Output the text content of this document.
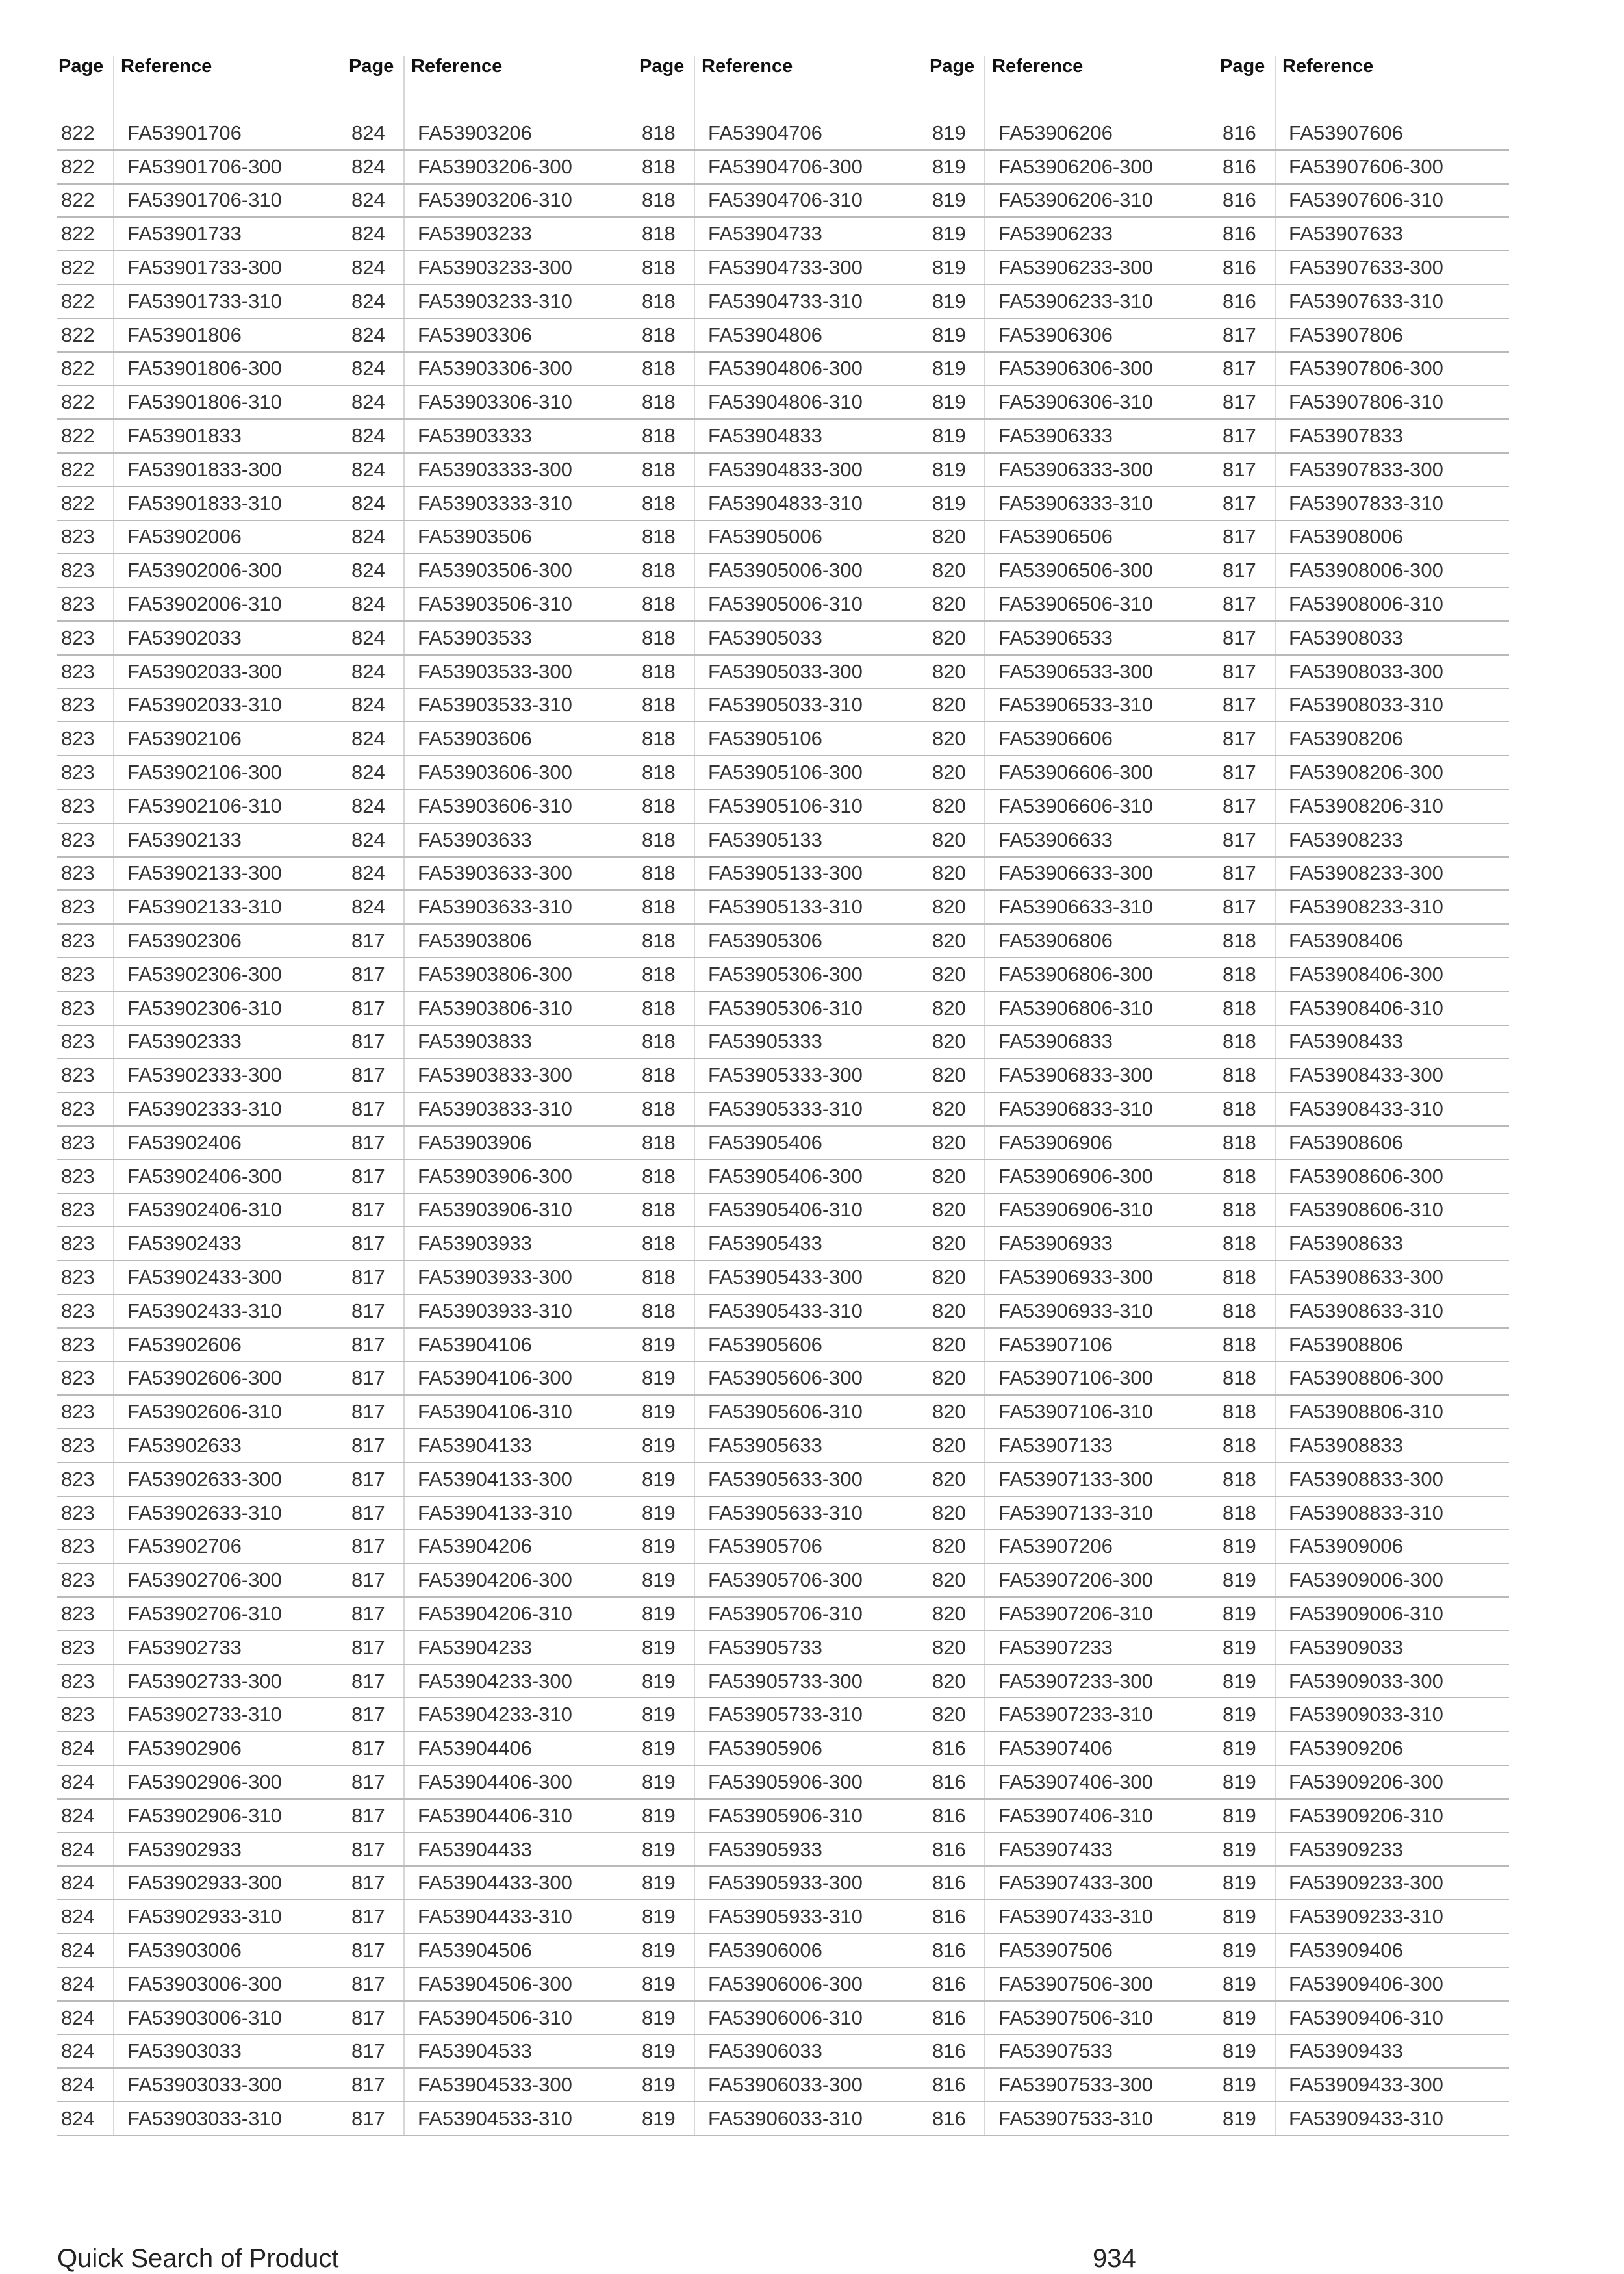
Page Reference
822	FA53901706
822	FA53901706-300
822	FA53901706-310
822	FA53901733
822	FA53901733-300
822	FA53901733-310
822	FA53901806
822	FA53901806-300
822	FA53901806-310
822	FA53901833
822	FA53901833-300
822	FA53901833-310
823	FA53902006
823	FA53902006-300
823	FA53902006-310
823	FA53902033
823	FA53902033-300
823	FA53902033-310
823	FA53902106
823	FA53902106-300
823	FA53902106-310
823	FA53902133
823	FA53902133-300
823	FA53902133-310
823	FA53902306
823	FA53902306-300
823	FA53902306-310
823	FA53902333
823	FA53902333-300
823	FA53902333-310
823	FA53902406
823	FA53902406-300
823	FA53902406-310
823	FA53902433
823	FA53902433-300
823	FA53902433-310
823	FA53902606
823	FA53902606-300
823	FA53902606-310
823	FA53902633
823	FA53902633-300
823	FA53902633-310
823	FA53902706
823	FA53902706-300
823	FA53902706-310
823	FA53902733
823	FA53902733-300
823	FA53902733-310
824	FA53902906
824	FA53902906-300
824	FA53902906-310
824	FA53902933
824	FA53902933-300
824	FA53902933-310
824	FA53903006
824	FA53903006-300
824	FA53903006-310
824	FA53903033
824	FA53903033-300
824	FA53903033-310
Page Reference
824	FA53903206
824	FA53903206-300
824	FA53903206-310
824	FA53903233
824	FA53903233-300
824	FA53903233-310
824	FA53903306
824	FA53903306-300
824	FA53903306-310
824	FA53903333
824	FA53903333-300
824	FA53903333-310
824	FA53903506
824	FA53903506-300
824	FA53903506-310
824	FA53903533
824	FA53903533-300
824	FA53903533-310
824	FA53903606
824	FA53903606-300
824	FA53903606-310
824	FA53903633
824	FA53903633-300
824	FA53903633-310
817	FA53903806
817	FA53903806-300
817	FA53903806-310
817	FA53903833
817	FA53903833-300
817	FA53903833-310
817	FA53903906
817	FA53903906-300
817	FA53903906-310
817	FA53903933
817	FA53903933-300
817	FA53903933-310
817	FA53904106
817	FA53904106-300
817	FA53904106-310
817	FA53904133
817	FA53904133-300
817	FA53904133-310
817	FA53904206
817	FA53904206-300
817	FA53904206-310
817	FA53904233
817	FA53904233-300
817	FA53904233-310
817	FA53904406
817	FA53904406-300
817	FA53904406-310
817	FA53904433
817	FA53904433-300
817	FA53904433-310
817	FA53904506
817	FA53904506-300
817	FA53904506-310
817	FA53904533
817	FA53904533-300
817	FA53904533-310
Page Reference
818	FA53904706
818	FA53904706-300
818	FA53904706-310
818	FA53904733
818	FA53904733-300
818	FA53904733-310
818	FA53904806
818	FA53904806-300
818	FA53904806-310
818	FA53904833
818	FA53904833-300
818	FA53904833-310
818	FA53905006
818	FA53905006-300
818	FA53905006-310
818	FA53905033
818	FA53905033-300
818	FA53905033-310
818	FA53905106
818	FA53905106-300
818	FA53905106-310
818	FA53905133
818	FA53905133-300
818	FA53905133-310
818	FA53905306
818	FA53905306-300
818	FA53905306-310
818	FA53905333
818	FA53905333-300
818	FA53905333-310
818	FA53905406
818	FA53905406-300
818	FA53905406-310
818	FA53905433
818	FA53905433-300
818	FA53905433-310
819	FA53905606
819	FA53905606-300
819	FA53905606-310
819	FA53905633
819	FA53905633-300
819	FA53905633-310
819	FA53905706
819	FA53905706-300
819	FA53905706-310
819	FA53905733
819	FA53905733-300
819	FA53905733-310
819	FA53905906
819	FA53905906-300
819	FA53905906-310
819	FA53905933
819	FA53905933-300
819	FA53905933-310
819	FA53906006
819	FA53906006-300
819	FA53906006-310
819	FA53906033
819	FA53906033-300
819	FA53906033-310
Page Reference
819	FA53906206
819	FA53906206-300
819	FA53906206-310
819	FA53906233
819	FA53906233-300
819	FA53906233-310
819	FA53906306
819	FA53906306-300
819	FA53906306-310
819	FA53906333
819	FA53906333-300
819	FA53906333-310
820	FA53906506
820	FA53906506-300
820	FA53906506-310
820	FA53906533
820	FA53906533-300
820	FA53906533-310
820	FA53906606
820	FA53906606-300
820	FA53906606-310
820	FA53906633
820	FA53906633-300
820	FA53906633-310
820	FA53906806
820	FA53906806-300
820	FA53906806-310
820	FA53906833
820	FA53906833-300
820	FA53906833-310
820	FA53906906
820	FA53906906-300
820	FA53906906-310
820	FA53906933
820	FA53906933-300
820	FA53906933-310
820	FA53907106
820	FA53907106-300
820	FA53907106-310
820	FA53907133
820	FA53907133-300
820	FA53907133-310
820	FA53907206
820	FA53907206-300
820	FA53907206-310
820	FA53907233
820	FA53907233-300
820	FA53907233-310
816	FA53907406
816	FA53907406-300
816	FA53907406-310
816	FA53907433
816	FA53907433-300
816	FA53907433-310
816	FA53907506
816	FA53907506-300
816	FA53907506-310
816	FA53907533
816	FA53907533-300
816	FA53907533-310
Page Reference
816	FA53907606
816	FA53907606-300
816	FA53907606-310
816	FA53907633
816	FA53907633-300
816	FA53907633-310
817	FA53907806
817	FA53907806-300
817	FA53907806-310
817	FA53907833
817	FA53907833-300
817	FA53907833-310
817	FA53908006
817	FA53908006-300
817	FA53908006-310
817	FA53908033
817	FA53908033-300
817	FA53908033-310
817	FA53908206
817	FA53908206-300
817	FA53908206-310
817	FA53908233
817	FA53908233-300
817	FA53908233-310
818	FA53908406
818	FA53908406-300
818	FA53908406-310
818	FA53908433
818	FA53908433-300
818	FA53908433-310
818	FA53908606
818	FA53908606-300
818	FA53908606-310
818	FA53908633
818	FA53908633-300
818	FA53908633-310
818	FA53908806
818	FA53908806-300
818	FA53908806-310
818	FA53908833
818	FA53908833-300
818	FA53908833-310
819	FA53909006
819	FA53909006-300
819	FA53909006-310
819	FA53909033
819	FA53909033-300
819	FA53909033-310
819	FA53909206
819	FA53909206-300
819	FA53909206-310
819	FA53909233
819	FA53909233-300
819	FA53909233-310
819	FA53909406
819	FA53909406-300
819	FA53909406-310
819	FA53909433
819	FA53909433-300
819	FA53909433-310
Quick Search of Product	934
